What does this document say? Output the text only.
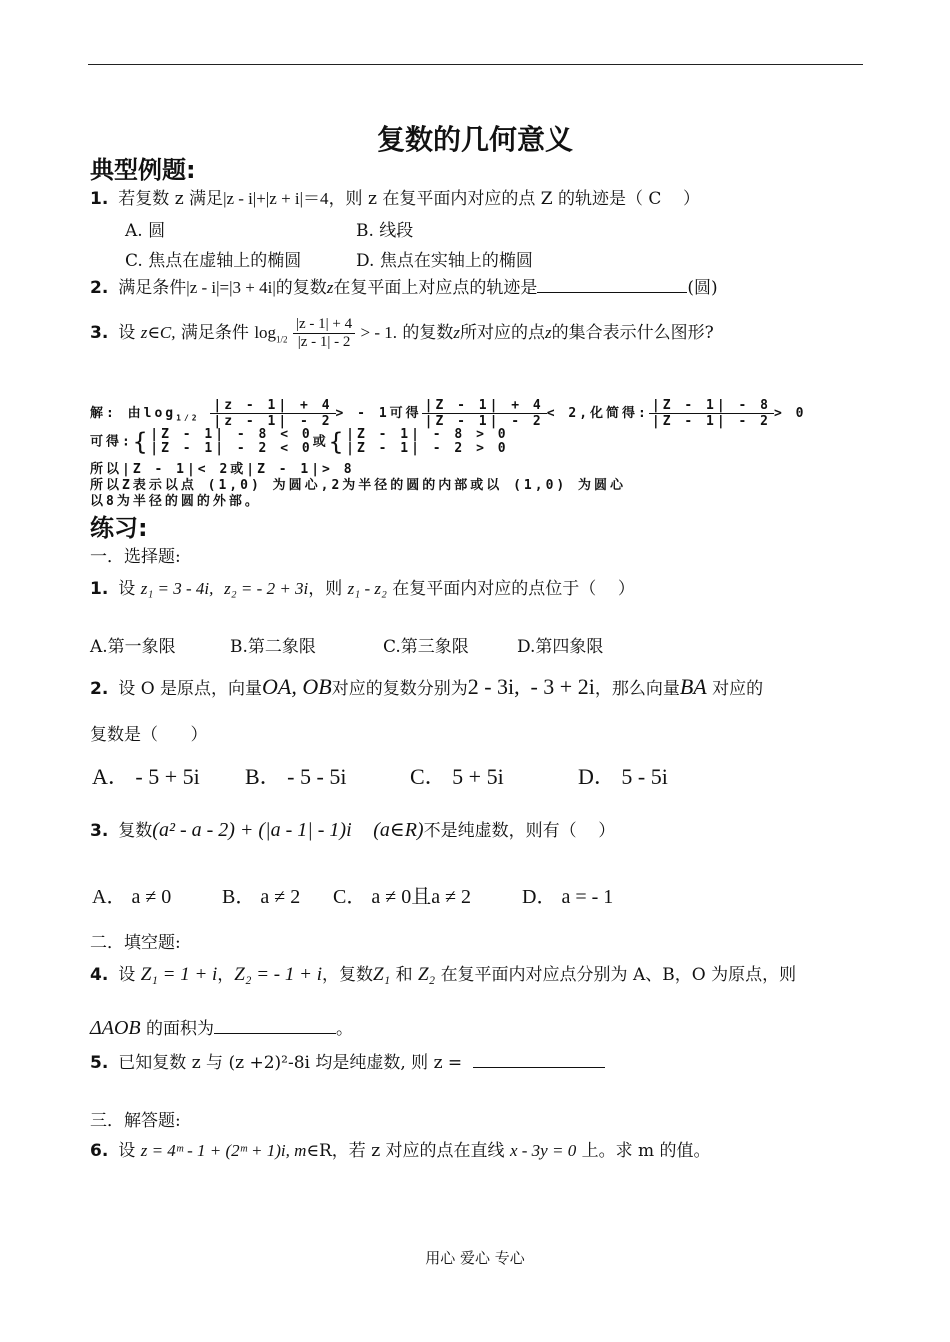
复数的几何意义
典型例题:
1. 若复数 z 满足|z - i|+|z + i|＝4，则 z 在复平面内对应的点 Z 的轨迹是（ C ）
A. 圆	B. 线段
C. 焦点在虚轴上的椭圆	D. 焦点在实轴上的椭圆
2. 满足条件|z - i|=|3 + 4i|的复数z在复平面上对应点的轨迹是	(圆)
3. 设 z∈C, 满足条件 $\log_{1/2} \frac{|z - 1| + 4}{|z - 1| - 2}$ > - 1. 的复数z所对应的点z的集合表示什么图形?
解: 由$\log_{1/2} \frac{|z - 1| + 4}{|z - 1| - 2}$ > - 1可得 $\frac{|Z - 1| + 4}{|Z - 1| - 2} < 2$,化简得: $\frac{|Z - 1| - 8}{|Z - 1| - 2} > 0$
可得:{ |Z - 1| - 8 < 0
|Z - 1| - 2 < 0 或{ |Z - 1| - 8 > 0
|Z - 1| - 2 > 0
所以|Z - 1|< 2或|Z - 1|> 8
所以Z表示以点 (1,0) 为圆心,2为半径的圆的内部或以 (1,0) 为圆心
以8为半径的圆的外部。
练习:
一．选择题:
1. 设 z₁ = 3 - 4i, z₂ = - 2 + 3i，则 z₁ - z₂ 在复平面内对应的点位于（ ）
A.第一象限	B.第二象限	C.第三象限	D.第四象限
2. 设 O 是原点，向量OA, OB对应的复数分别为2 - 3i, - 3 + 2i，那么向量BA 对应的
复数是（ ）
A． - 5 + 5i B． - 5 - 5i	C． 5 + 5i	D． 5 - 5i
3. 复数(a² - a - 2) + (|a - 1| - 1)i (a∈R)不是纯虚数，则有（ ）
A． a ≠ 0	B． a ≠ 2 C． a ≠ 0且a ≠ 2	D． a = - 1
二．填空题:
4. 设 Z₁ = 1 + i，Z₂ = - 1 + i，复数Z₁ 和 Z₂ 在复平面内对应点分别为 A、B，O 为原点，则
ΔAOB 的面积为	。
5. 已知复数 z 与 (z +2)²-8i 均是纯虚数, 则 z =
三．解答题:
6. 设 z = 4ᵐ - 1 + (2ᵐ + 1)i, m∈R，若 z 对应的点在直线 x - 3y = 0 上。求 m 的值。
用心 爱心 专心
